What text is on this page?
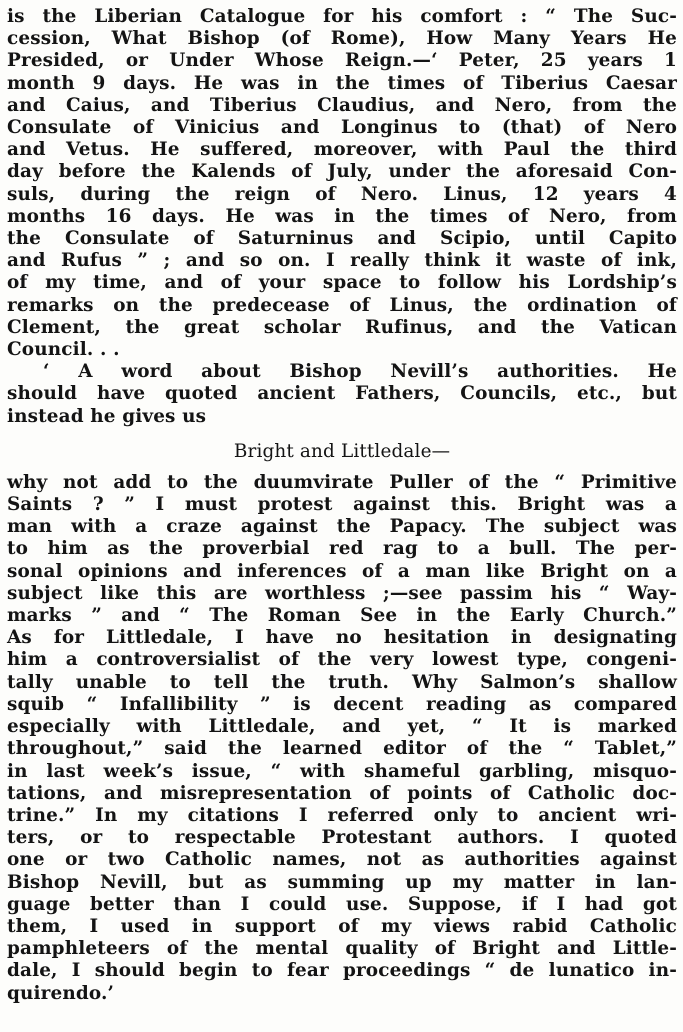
is the Liberian Catalogue for his comfort : “ The Suc-
cession, What Bishop (of Rome), How Many Years He
Presided, or Under Whose Reign.—‘ Peter, 25 years 1
month 9 days. He was in the times of Tiberius Caesar
and Caius, and Tiberius Claudius, and Nero, from the
Consulate of Vinicius and Longinus to (that) of Nero
and Vetus. He suffered, moreover, with Paul the third
day before the Kalends of July, under the aforesaid Con-
suls, during the reign of Nero. Linus, 12 years 4
months 16 days. He was in the times of Nero, from
the Consulate of Saturninus and Scipio, until Capito
and Rufus ” ; and so on. I really think it waste of ink,
of my time, and of your space to follow his Lordship’s
remarks on the predecease of Linus, the ordination of
Clement, the great scholar Rufinus, and the Vatican
Council. . .
‘ A word about Bishop Nevill’s authorities. He
should have quoted ancient Fathers, Councils, etc., but
instead he gives us
Bright and Littledale—
why not add to the duumvirate Puller of the “ Primitive
Saints ? ” I must protest against this. Bright was a
man with a craze against the Papacy. The subject was
to him as the proverbial red rag to a bull. The per-
sonal opinions and inferences of a man like Bright on a
subject like this are worthless ;—see passim his “ Way-
marks ” and “ The Roman See in the Early Church.”
As for Littledale, I have no hesitation in designating
him a controversialist of the very lowest type, congeni-
tally unable to tell the truth. Why Salmon’s shallow
squib “ Infallibility ” is decent reading as compared
especially with Littledale, and yet, “ It is marked
throughout,” said the learned editor of the “ Tablet,”
in last week’s issue, “ with shameful garbling, misquo-
tations, and misrepresentation of points of Catholic doc-
trine.” In my citations I referred only to ancient wri-
ters, or to respectable Protestant authors. I quoted
one or two Catholic names, not as authorities against
Bishop Nevill, but as summing up my matter in lan-
guage better than I could use. Suppose, if I had got
them, I used in support of my views rabid Catholic
pamphleteers of the mental quality of Bright and Little-
dale, I should begin to fear proceedings “ de lunatico in-
quirendo.’
